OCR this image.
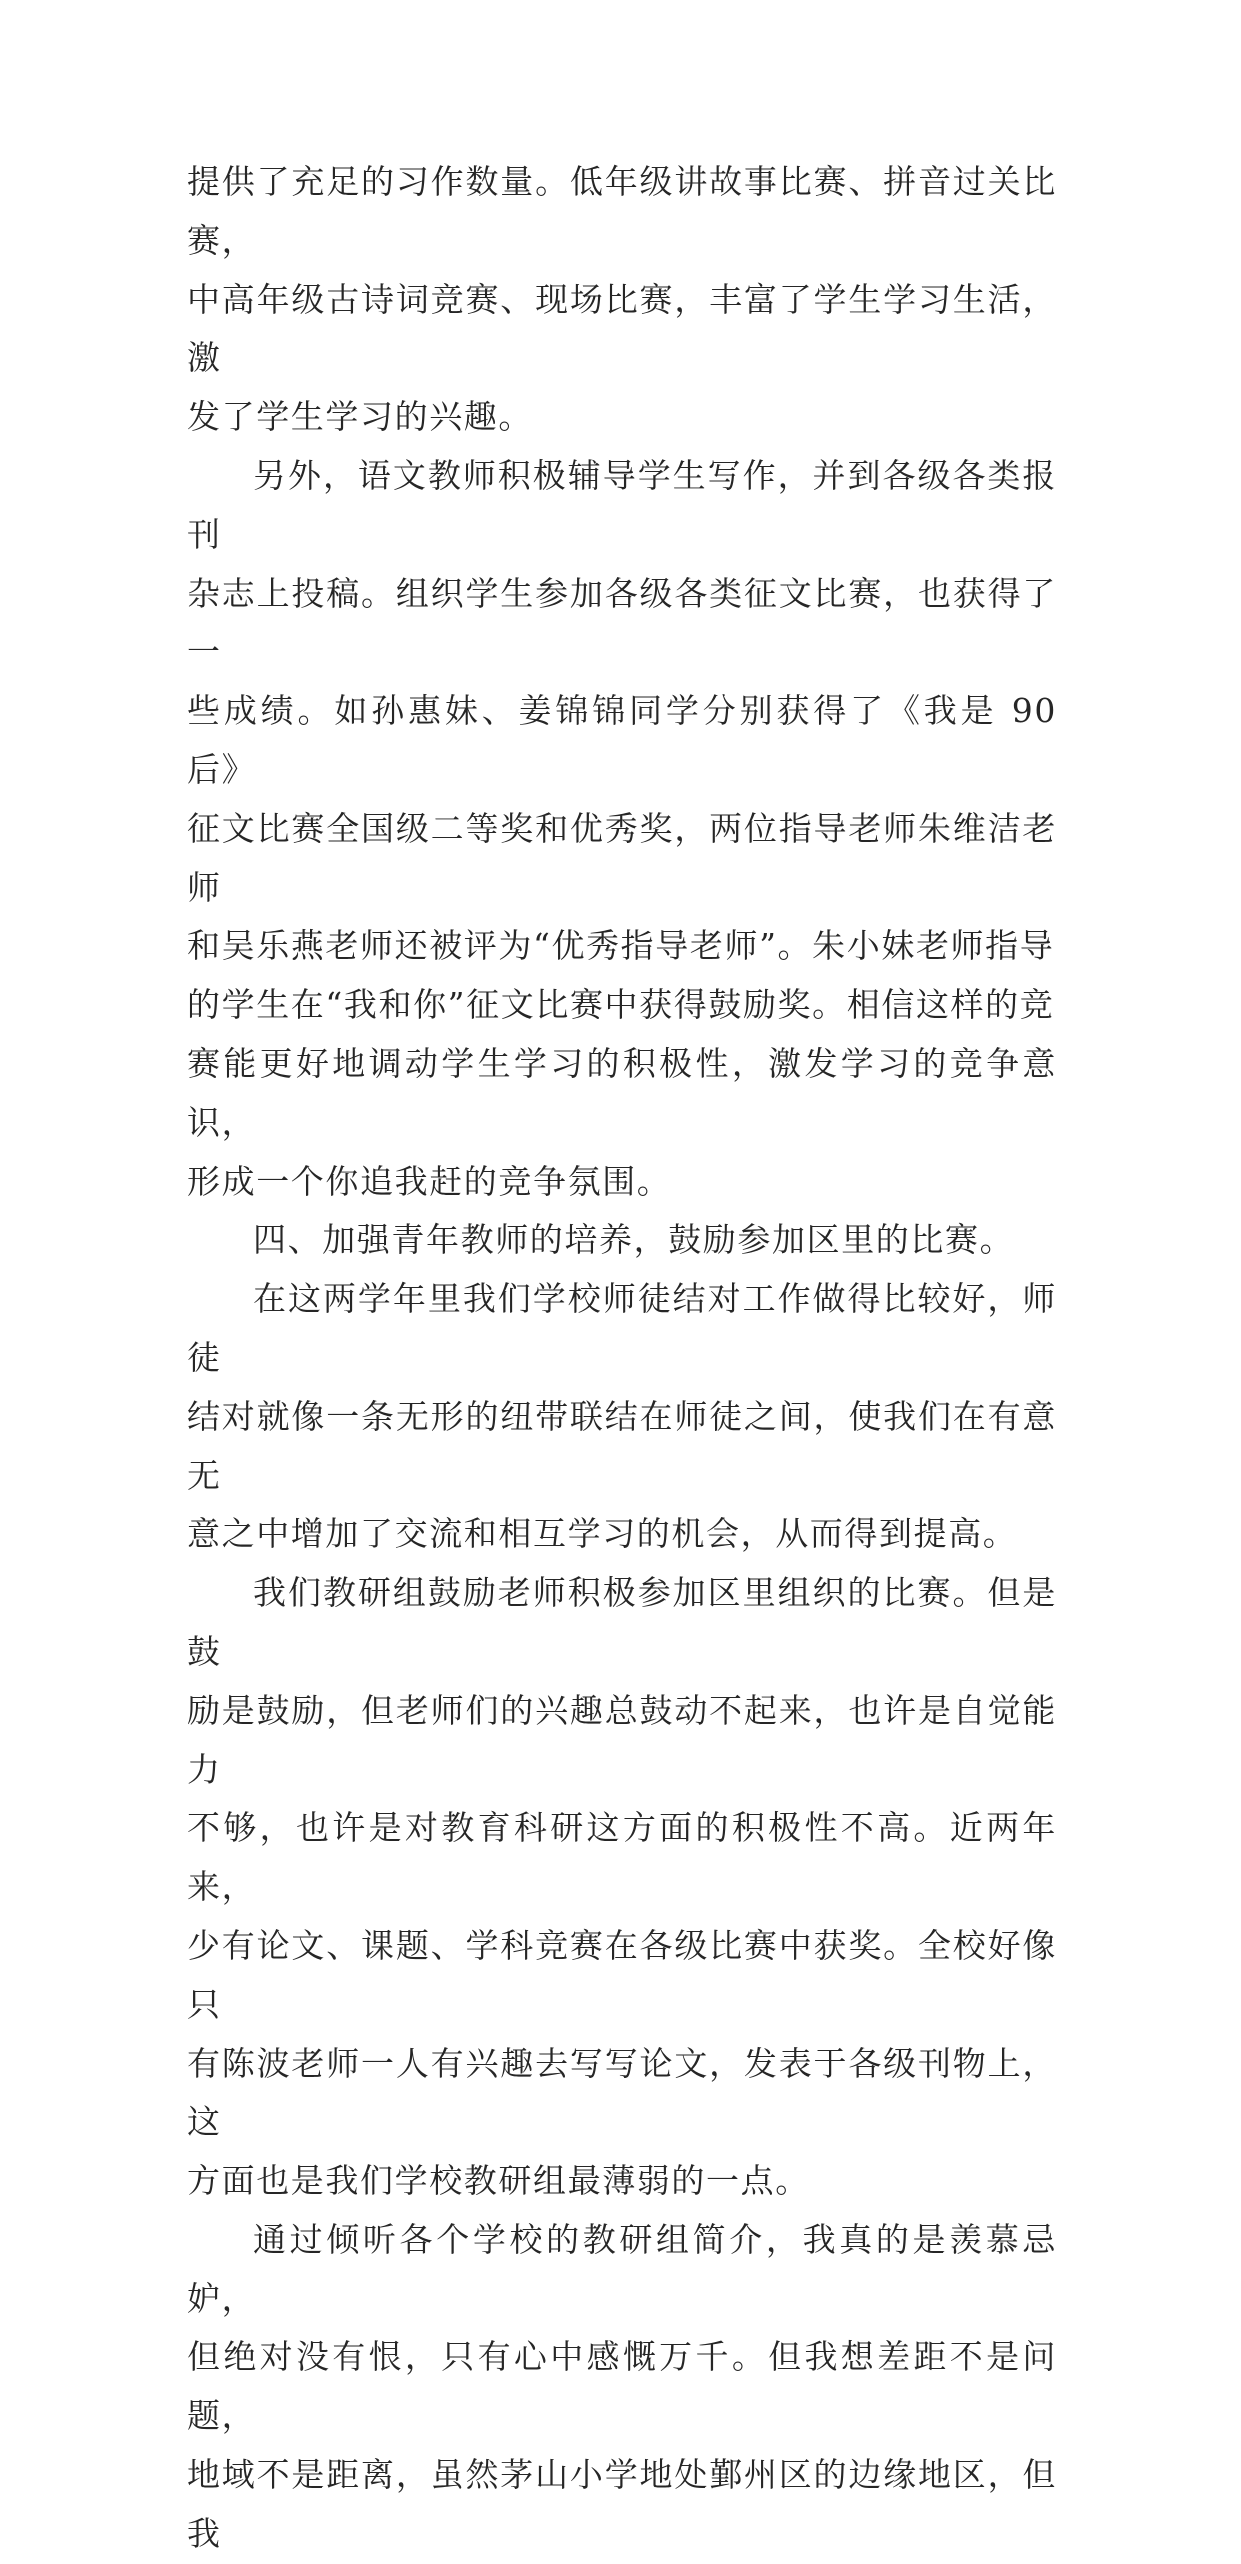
提供了充足的习作数量。低年级讲故事比赛、拼音过关比赛，
中高年级古诗词竞赛、现场比赛，丰富了学生学习生活，激
发了学生学习的兴趣。

另外，语文教师积极辅导学生写作，并到各级各类报刊
杂志上投稿。组织学生参加各级各类征文比赛，也获得了一
些成绩。如孙惠妹、姜锦锦同学分别获得了《我是 90 后》
征文比赛全国级二等奖和优秀奖，两位指导老师朱维洁老师
和吴乐燕老师还被评为“优秀指导老师”。朱小妹老师指导
的学生在“我和你”征文比赛中获得鼓励奖。相信这样的竞
赛能更好地调动学生学习的积极性，激发学习的竞争意识，
形成一个你追我赶的竞争氛围。

四、加强青年教师的培养，鼓励参加区里的比赛。

在这两学年里我们学校师徒结对工作做得比较好，师徒
结对就像一条无形的纽带联结在师徒之间，使我们在有意无
意之中增加了交流和相互学习的机会，从而得到提高。

我们教研组鼓励老师积极参加区里组织的比赛。但是鼓
励是鼓励，但老师们的兴趣总鼓动不起来，也许是自觉能力
不够，也许是对教育科研这方面的积极性不高。近两年来，
少有论文、课题、学科竞赛在各级比赛中获奖。全校好像只
有陈波老师一人有兴趣去写写论文，发表于各级刊物上，这
方面也是我们学校教研组最薄弱的一点。

通过倾听各个学校的教研组简介，我真的是羡慕忌妒，
但绝对没有恨，只有心中感慨万千。但我想差距不是问题，
地域不是距离，虽然茅山小学地处鄞州区的边缘地区，但我
